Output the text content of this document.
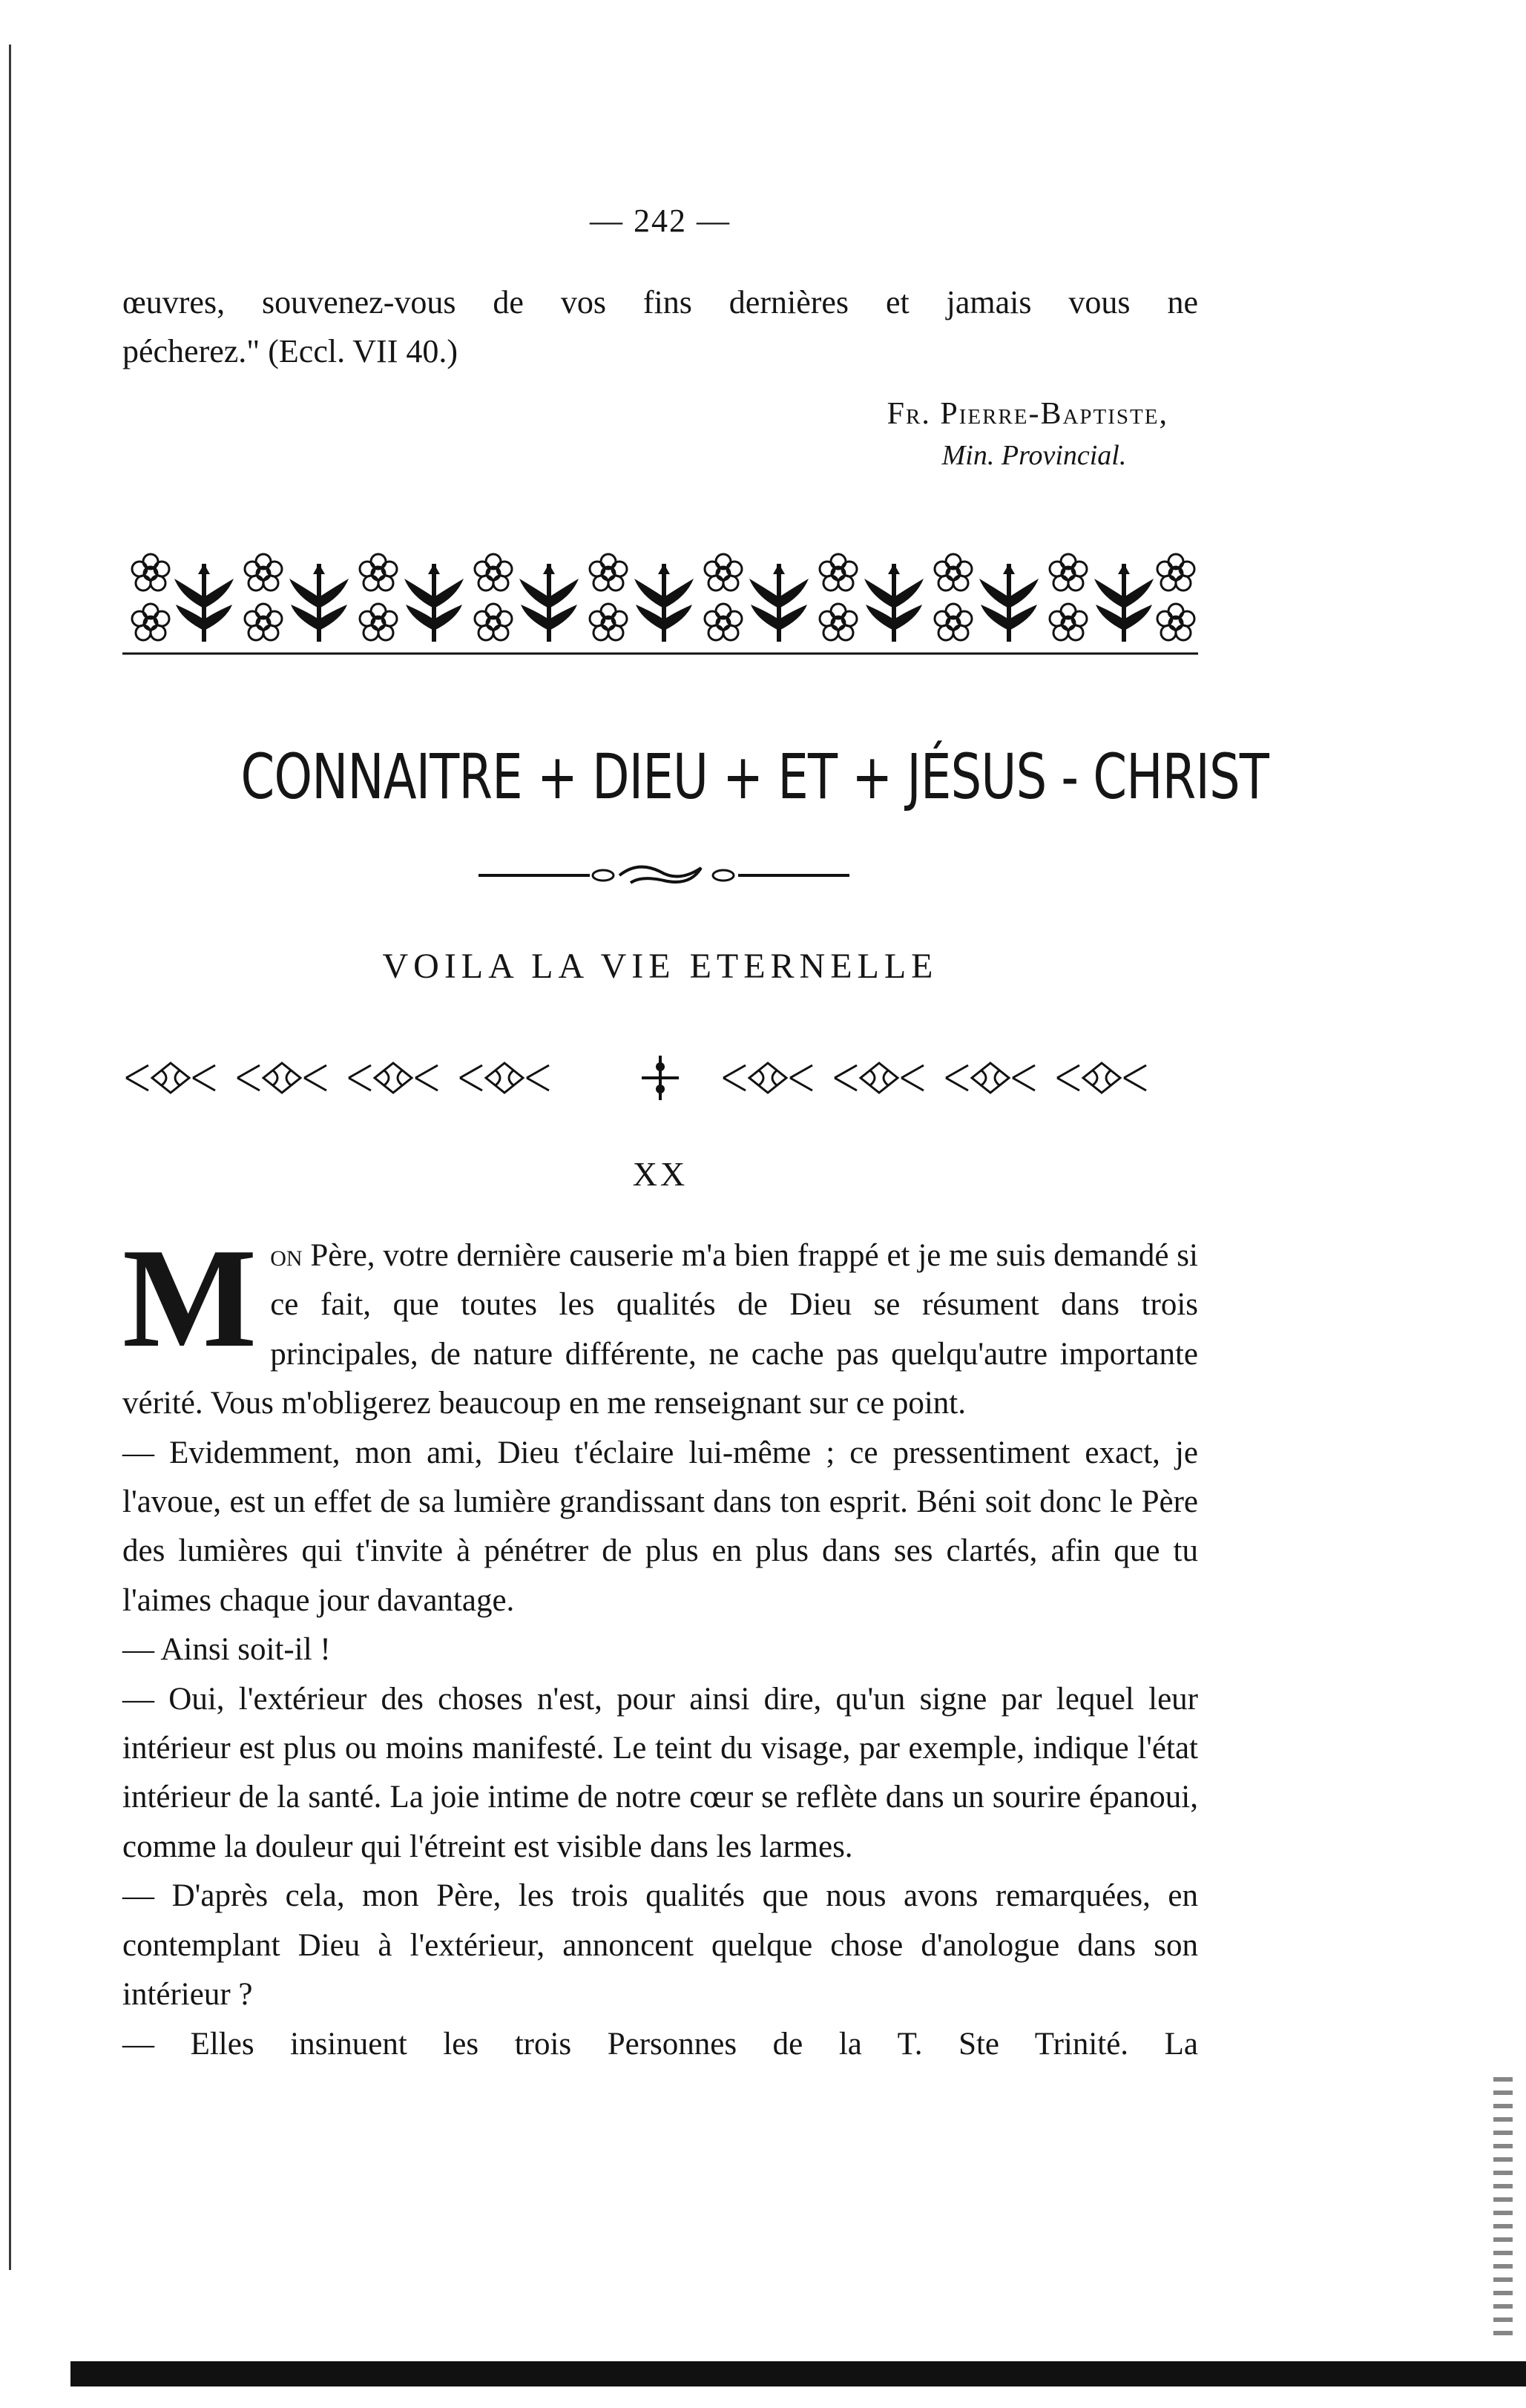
— 242 —

œuvres, souvenez-vous de vos fins dernières et jamais vous ne

pécherez." (Eccl. VII 40.)

Fr. Pierre-Baptiste,
Min. Provincial.
CONNAITRE + DIEU + ET + JÉSUS - CHRIST
VOILA LA VIE ETERNELLE
XX

Mon Père, votre dernière causerie m'a bien frappé et je me suis demandé si ce fait, que toutes les qualités de Dieu se résument dans trois principales, de nature différente, ne cache pas quelqu'autre importante vérité. Vous m'obligerez beaucoup en me renseignant sur ce point.

— Evidemment, mon ami, Dieu t'éclaire lui-même ; ce pressentiment exact, je l'avoue, est un effet de sa lumière grandissant dans ton esprit. Béni soit donc le Père des lumières qui t'invite à pénétrer de plus en plus dans ses clartés, afin que tu l'aimes chaque jour davantage.

— Ainsi soit-il !

— Oui, l'extérieur des choses n'est, pour ainsi dire, qu'un signe par lequel leur intérieur est plus ou moins manifesté. Le teint du visage, par exemple, indique l'état intérieur de la santé. La joie intime de notre cœur se reflète dans un sourire épanoui, comme la douleur qui l'étreint est visible dans les larmes.

— D'après cela, mon Père, les trois qualités que nous avons remarquées, en contemplant Dieu à l'extérieur, annoncent quelque chose d'anologue dans son intérieur ?

— Elles insinuent les trois Personnes de la T. Ste Trinité. La
